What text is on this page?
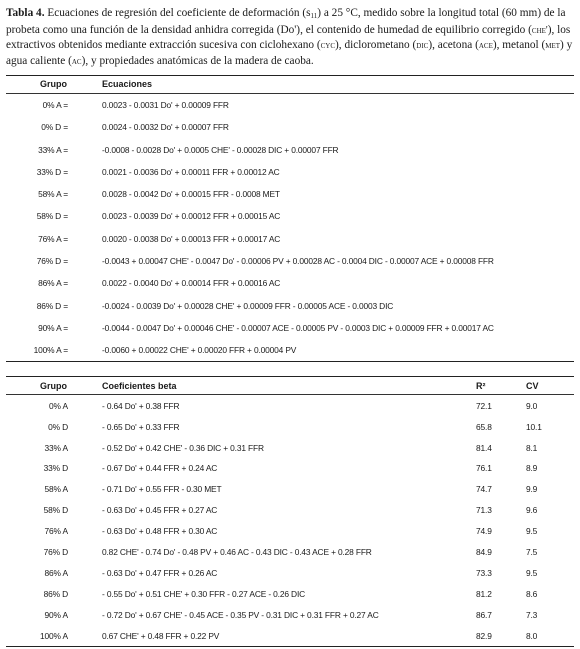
Tabla 4. Ecuaciones de regresión del coeficiente de deformación $(s_{11})$ a 25 °C, medido sobre la longitud total (60 mm) de la probeta como una función de la densidad anhidra corregida (Do'), el contenido de humedad de equilibrio corregido (che'), los extractivos obtenidos mediante extracción sucesiva con ciclohexano (cyc), diclorometano (dic), acetona (ace), metanol (met) y agua caliente (ac), y propiedades anatómicas de la madera de caoba.

Grupo	Ecuaciones
0% A =	0.0023 - 0.0031 Do' + 0.00009 FFR
0% D =	0.0024 - 0.0032 Do' + 0.00007 FFR
33% A =	-0.0008 - 0.0028 Do' + 0.0005 CHE' - 0.00028 DIC + 0.00007 FFR
33% D =	0.0021 - 0.0036 Do' + 0.00011 FFR + 0.00012 AC
58% A =	0.0028 - 0.0042 Do' + 0.00015 FFR - 0.0008 MET
58% D =	0.0023 - 0.0039 Do' + 0.00012 FFR + 0.00015 AC
76% A =	0.0020 - 0.0038 Do' + 0.00013 FFR + 0.00017 AC
76% D =	-0.0043 + 0.00047 CHE' - 0.0047 Do' - 0.00006 PV + 0.00028 AC - 0.0004 DIC - 0.00007 ACE + 0.00008 FFR
86% A =	0.0022 - 0.0040 Do' + 0.00014 FFR + 0.00016 AC
86% D =	-0.0024 - 0.0039 Do' + 0.00028 CHE' + 0.00009 FFR - 0.00005 ACE - 0.0003 DIC
90% A =	-0.0044 - 0.0047 Do' + 0.00046 CHE' - 0.00007 ACE - 0.00005 PV - 0.0003 DIC + 0.00009 FFR + 0.00017 AC
100% A =	-0.0060 + 0.00022 CHE' + 0.00020 FFR + 0.00004 PV
Grupo	Coeficientes beta	R²	CV
0% A	- 0.64 Do' + 0.38 FFR	72.1	9.0
0% D	- 0.65 Do' + 0.33 FFR	65.8	10.1
33% A	- 0.52 Do' + 0.42 CHE' - 0.36 DIC + 0.31 FFR	81.4	8.1
33% D	- 0.67 Do' + 0.44 FFR + 0.24 AC	76.1	8.9
58% A	- 0.71 Do' + 0.55 FFR - 0.30 MET	74.7	9.9
58% D	- 0.63 Do' + 0.45 FFR + 0.27 AC	71.3	9.6
76% A	- 0.63 Do' + 0.48 FFR + 0.30 AC	74.9	9.5
76% D	0.82 CHE' - 0.74 Do' - 0.48 PV + 0.46 AC - 0.43 DIC - 0.43 ACE + 0.28 FFR	84.9	7.5
86% A	- 0.63 Do' + 0.47 FFR + 0.26 AC	73.3	9.5
86% D	- 0.55 Do' + 0.51 CHE' + 0.30 FFR - 0.27 ACE - 0.26 DIC	81.2	8.6
90% A	- 0.72 Do' + 0.67 CHE' - 0.45 ACE - 0.35 PV - 0.31 DIC + 0.31 FFR + 0.27 AC	86.7	7.3
100% A	0.67 CHE' + 0.48 FFR + 0.22 PV	82.9	8.0
